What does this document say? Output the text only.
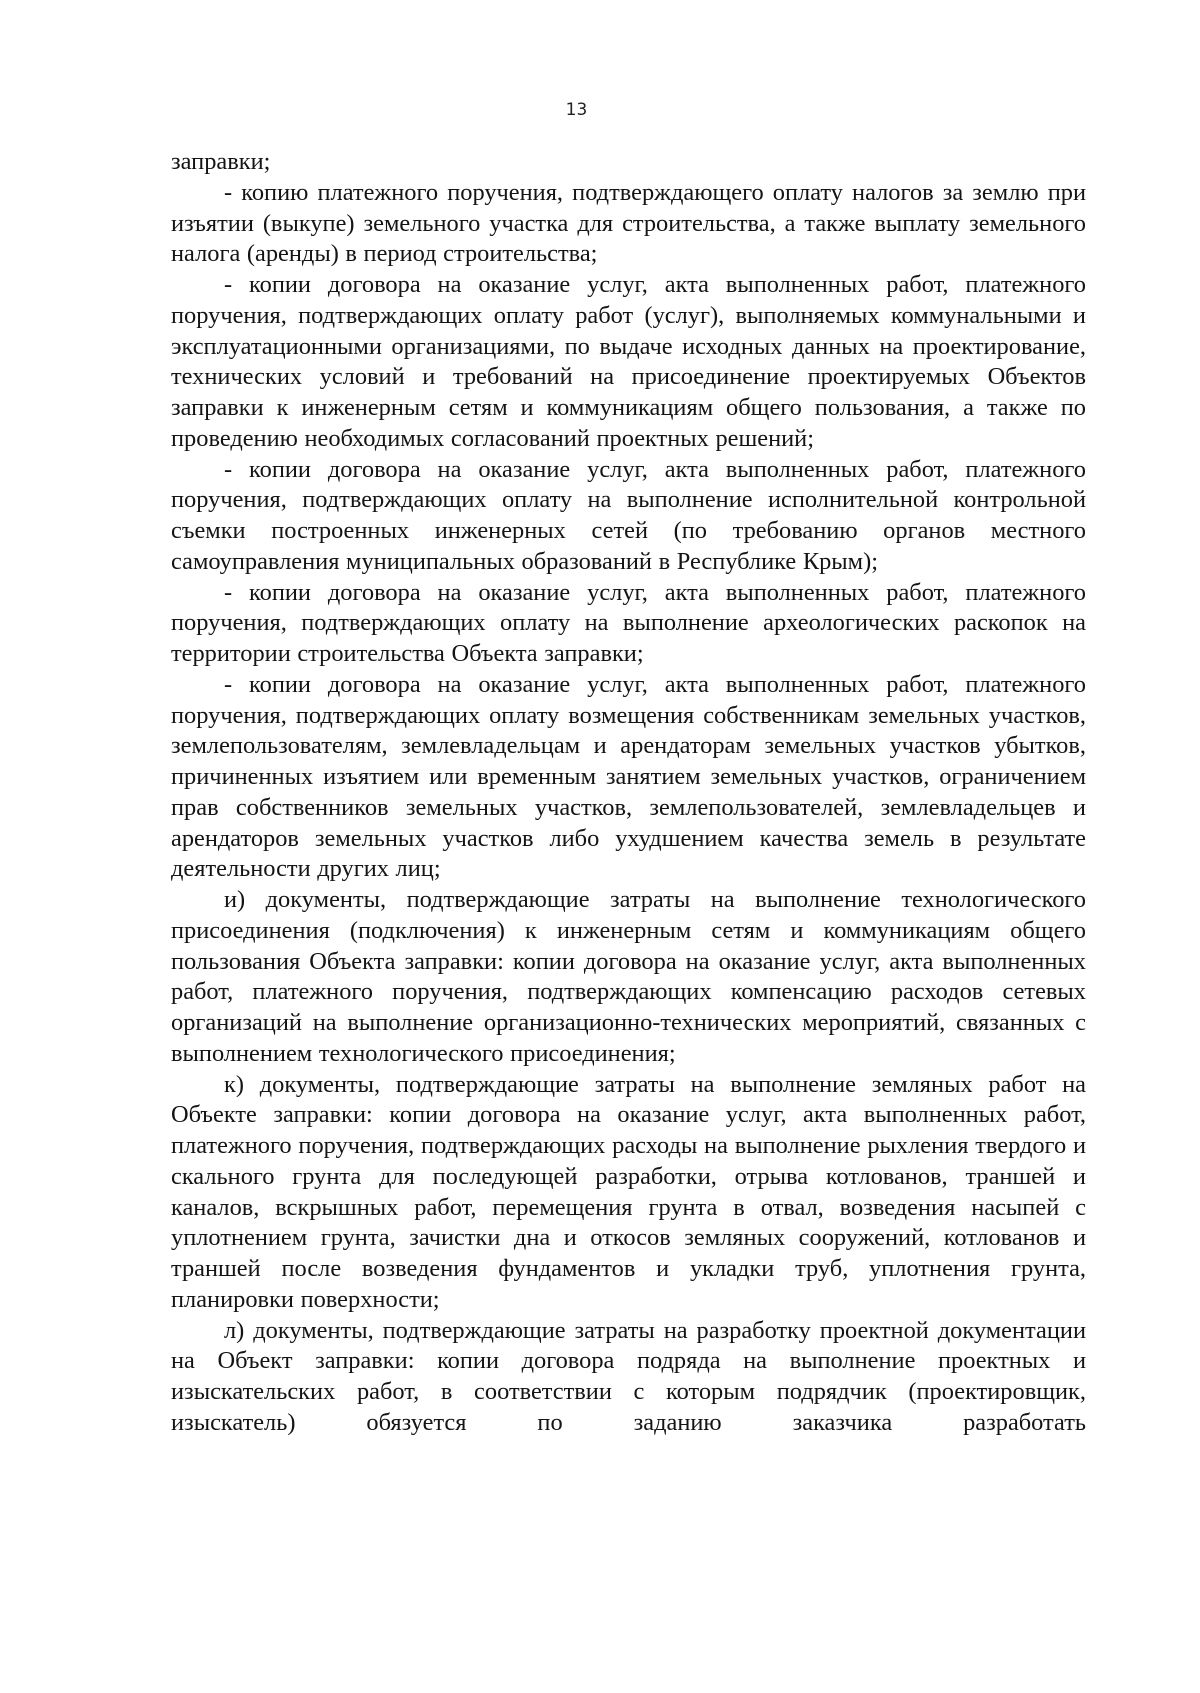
13

заправки;

- копию платежного поручения, подтверждающего оплату налогов за землю при изъятии (выкупе) земельного участка для строительства, а также выплату земельного налога (аренды) в период строительства;

- копии договора на оказание услуг, акта выполненных работ, платежного поручения, подтверждающих оплату работ (услуг), выполняемых коммунальными и эксплуатационными организациями, по выдаче исходных данных на проектирование, технических условий и требований на присоединение проектируемых Объектов заправки к инженерным сетям и коммуникациям общего пользования, а также по проведению необходимых согласований проектных решений;

- копии договора на оказание услуг, акта выполненных работ, платежного поручения, подтверждающих оплату на выполнение исполнительной контрольной съемки построенных инженерных сетей (по требованию органов местного самоуправления муниципальных образований в Республике Крым);

- копии договора на оказание услуг, акта выполненных работ, платежного поручения, подтверждающих оплату на выполнение археологических раскопок на территории строительства Объекта заправки;

- копии договора на оказание услуг, акта выполненных работ, платежного поручения, подтверждающих оплату возмещения собственникам земельных участков, землепользователям, землевладельцам и арендаторам земельных участков убытков, причиненных изъятием или временным занятием земельных участков, ограничением прав собственников земельных участков, землепользователей, землевладельцев и арендаторов земельных участков либо ухудшением качества земель в результате деятельности других лиц;

и) документы, подтверждающие затраты на выполнение технологического присоединения (подключения) к инженерным сетям и коммуникациям общего пользования Объекта заправки: копии договора на оказание услуг, акта выполненных работ, платежного поручения, подтверждающих компенсацию расходов сетевых организаций на выполнение организационно-технических мероприятий, связанных с выполнением технологического присоединения;

к) документы, подтверждающие затраты на выполнение земляных работ на Объекте заправки: копии договора на оказание услуг, акта выполненных работ, платежного поручения, подтверждающих расходы на выполнение рыхления твердого и скального грунта для последующей разработки, отрыва котлованов, траншей и каналов, вскрышных работ, перемещения грунта в отвал, возведения насыпей с уплотнением грунта, зачистки дна и откосов земляных сооружений, котлованов и траншей после возведения фундаментов и укладки труб, уплотнения грунта, планировки поверхности;

л) документы, подтверждающие затраты на разработку проектной документации на Объект заправки: копии договора подряда на выполнение проектных и изыскательских работ, в соответствии с которым подрядчик (проектировщик, изыскатель) обязуется по заданию заказчика разработать
